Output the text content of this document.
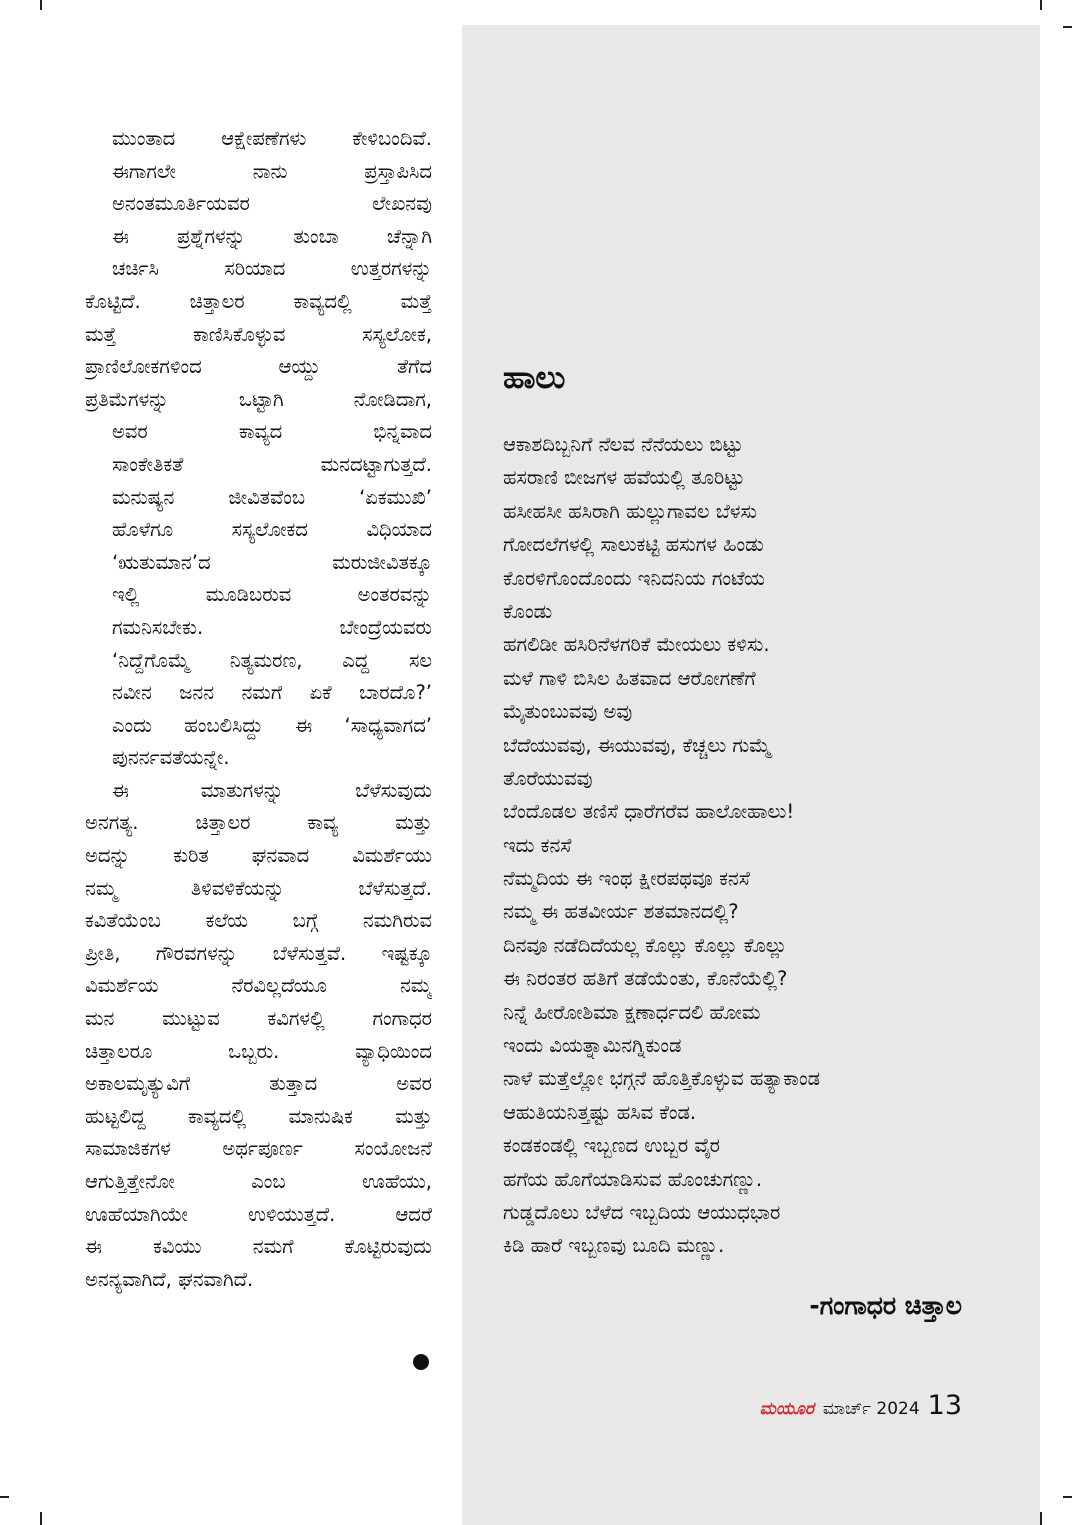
ಮುಂತಾದ ಆಕ್ಷೇಪಣೆಗಳು ಕೇಳಿಬಂದಿವೆ.
ಈಗಾಗಲೇ ನಾನು ಪ್ರಸ್ತಾಪಿಸಿದ
ಅನಂತಮೂರ್ತಿಯವರ ಲೇಖನವು
ಈ ಪ್ರಶ್ನೆಗಳನ್ನು ತುಂಬಾ ಚೆನ್ನಾಗಿ
ಚರ್ಚಿಸಿ ಸರಿಯಾದ ಉತ್ತರಗಳನ್ನು
ಕೊಟ್ಟಿದೆ. ಚಿತ್ತಾಲರ ಕಾವ್ಯದಲ್ಲಿ ಮತ್ತೆ
ಮತ್ತೆ ಕಾಣಿಸಿಕೊಳ್ಳುವ ಸಸ್ಯಲೋಕ,
ಪ್ರಾಣಿಲೋಕಗಳಿಂದ ಆಯ್ದು ತೆಗೆದ
ಪ್ರತಿಮೆಗಳನ್ನು ಒಟ್ಟಾಗಿ ನೋಡಿದಾಗ,
ಅವರ ಕಾವ್ಯದ ಭಿನ್ನವಾದ
ಸಾಂಕೇತಿಕತೆ ಮನದಟ್ಟಾಗುತ್ತದೆ.
ಮನುಷ್ಯನ ಜೀವಿತವೆಂಬ ‘ಏಕಮುಖಿ’
ಹೊಳೆಗೂ ಸಸ್ಯಲೋಕದ ವಿಧಿಯಾದ
‘ಋತುಮಾನ’ದ ಮರುಜೀವಿತಕ್ಕೂ
ಇಲ್ಲಿ ಮೂಡಿಬರುವ ಅಂತರವನ್ನು
ಗಮನಿಸಬೇಕು. ಬೇಂದ್ರೆಯವರು
‘ನಿದ್ದೆಗೊಮ್ಮೆ ನಿತ್ಯಮರಣ, ಎದ್ದ ಸಲ
ನವೀನ ಜನನ ನಮಗೆ ಏಕೆ ಬಾರದೊ?’
ಎಂದು ಹಂಬಲಿಸಿದ್ದು ಈ ‘ಸಾಧ್ಯವಾಗದ’
ಪುನರ್ನವತೆಯನ್ನೇ.

ಈ ಮಾತುಗಳನ್ನು ಬೆಳೆಸುವುದು
ಅನಗತ್ಯ. ಚಿತ್ತಾಲರ ಕಾವ್ಯ ಮತ್ತು
ಅದನ್ನು ಕುರಿತ ಘನವಾದ ವಿಮರ್ಶೆಯು
ನಮ್ಮ ತಿಳಿವಳಿಕೆಯನ್ನು ಬೆಳೆಸುತ್ತದೆ.
ಕವಿತೆಯೆಂಬ ಕಲೆಯ ಬಗ್ಗೆ ನಮಗಿರುವ
ಪ್ರೀತಿ, ಗೌರವಗಳನ್ನು ಬೆಳೆಸುತ್ತವೆ. ಇಷ್ಟಕ್ಕೂ
ವಿಮರ್ಶೆಯ ನೆರವಿಲ್ಲದೆಯೂ ನಮ್ಮ
ಮನ ಮುಟ್ಟುವ ಕವಿಗಳಲ್ಲಿ ಗಂಗಾಧರ
ಚಿತ್ತಾಲರೂ ಒಬ್ಬರು. ವ್ಯಾಧಿಯಿಂದ
ಅಕಾಲಮೃತ್ಯುವಿಗೆ ತುತ್ತಾದ ಅವರ
ಹುಟ್ಟಲಿದ್ದ ಕಾವ್ಯದಲ್ಲಿ ಮಾನುಷಿಕ ಮತ್ತು
ಸಾಮಾಜಿಕಗಳ ಅರ್ಥಪೂರ್ಣ ಸಂಯೋಜನೆ
ಆಗುತ್ತಿತ್ತೇನೋ ಎಂಬ ಊಹೆಯು,
ಊಹೆಯಾಗಿಯೇ ಉಳಿಯುತ್ತದೆ. ಆದರೆ
ಈ ಕವಿಯು ನಮಗೆ ಕೊಟ್ಟಿರುವುದು
ಅನನ್ಯವಾಗಿದೆ, ಘನವಾಗಿದೆ.

ಹಾಲು
ಆಕಾಶದಿಬ್ಬನಿಗೆ ನೆಲವ ನೆನೆಯಲು ಬಿಟ್ಟು
ಹಸರಾಣಿ ಬೀಜಗಳ ಹವೆಯಲ್ಲಿ ತೂರಿಟ್ಟು
ಹಸೀಹಸೀ ಹಸಿರಾಗಿ ಹುಲ್ಲುಗಾವಲ ಬೆಳಸು
ಗೋದಲೆಗಳಲ್ಲಿ ಸಾಲುಕಟ್ಟಿ ಹಸುಗಳ ಹಿಂಡು
ಕೊರಳಿಗೊಂದೊಂದು ಇನಿದನಿಯ ಗಂಟೆಯ
ಕೊಂಡು
ಹಗಲಿಡೀ ಹಸಿರಿನೆಳಗರಿಕೆ ಮೇಯಲು ಕಳಿಸು.
ಮಳೆ ಗಾಳಿ ಬಿಸಿಲ ಹಿತವಾದ ಆರೋಗಣೆಗೆ
ಮೈತುಂಬುವವು ಅವು
ಬೆದೆಯುವವು, ಈಯುವವು, ಕೆಚ್ಚಲು ಗುಮ್ಮೆ
ತೊರೆಯುವವು
ಬೆಂದೊಡಲ ತಣಿಸೆ ಧಾರೆಗರೆವ ಹಾಲೋಹಾಲು!
ಇದು ಕನಸೆ
ನೆಮ್ಮದಿಯ ಈ ಇಂಥ ಕ್ಷೀರಪಥವೂ ಕನಸೆ
ನಮ್ಮ ಈ ಹತವೀರ್ಯ ಶತಮಾನದಲ್ಲಿ?
ದಿನವೂ ನಡೆದಿದೆಯಲ್ಲ ಕೊಲ್ಲು ಕೊಲ್ಲು ಕೊಲ್ಲು
ಈ ನಿರಂತರ ಹತಿಗೆ ತಡೆಯೆಂತು, ಕೊನೆಯೆಲ್ಲಿ?
ನಿನ್ನೆ ಹೀರೋಶಿಮಾ ಕ್ಷಣಾರ್ಧದಲಿ ಹೋಮ
ಇಂದು ವಿಯತ್ನಾಮಿನಗ್ನಿಕುಂಡ
ನಾಳೆ ಮತ್ತೆಲ್ಲೋ ಭಗ್ಗನೆ ಹೊತ್ತಿಕೊಳ್ಳುವ ಹತ್ಯಾಕಾಂಡ
ಆಹುತಿಯನಿತ್ತಷ್ಟು ಹಸಿವ ಕೆಂಡ.
ಕಂಡಕಂಡಲ್ಲಿ ಇಬ್ಬಣದ ಉಬ್ಬರ ವೈರ
ಹಗೆಯ ಹೊಗೆಯಾಡಿಸುವ ಹೊಂಚುಗಣ್ಣು.
ಗುಡ್ಡದೊಲು ಬೆಳೆದ ಇಬ್ಬದಿಯ ಆಯುಧಭಾರ
ಕಿಡಿ ಹಾರೆ ಇಬ್ಬಣವು ಬೂದಿ ಮಣ್ಣು.
-ಗಂಗಾಧರ ಚಿತ್ತಾಲ
ಮಯೂರ ಮಾರ್ಚ್ 2024 13
